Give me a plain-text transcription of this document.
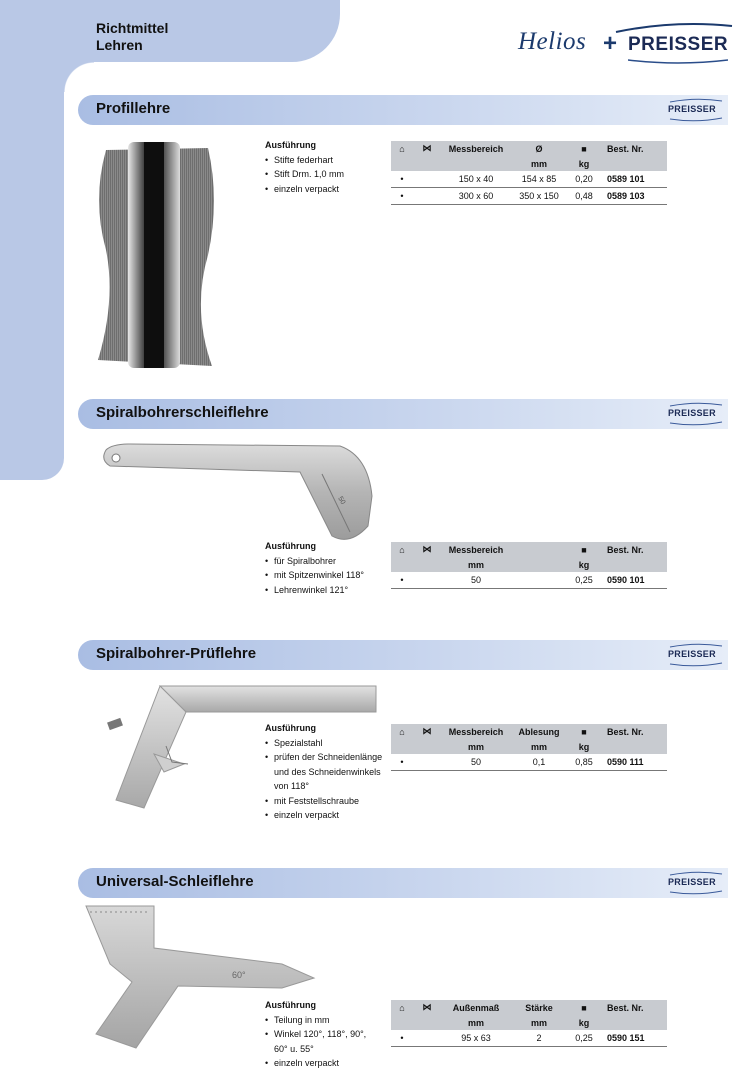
Richtmittel
Lehren	Helios + PREISSER
Profillehre	PREISSER
Ausführung
• Stifte federhart
• Stift Drm. 1,0 mm
• einzeln verpackt
⌂	⋈	Messbereich	Ø	■	Best. Nr.
			mm	kg	
•		150 x 40	154 x 85	0,20	0589 101
•		300 x 60	350 x 150	0,48	0589 103
Spiralbohrerschleiflehre	PREISSER
50
Ausführung
• für Spiralbohrer
• mit Spitzenwinkel 118°
• Lehrenwinkel 121°
⌂	⋈	Messbereich		■	Best. Nr.
		mm		kg	
•		50		0,25	0590 101
Spiralbohrer-Prüflehre	PREISSER
Ausführung
• Spezialstahl
• prüfen der Schneidenlänge
und des Schneidenwinkels
von 118°
• mit Feststellschraube
• einzeln verpackt
⌂	⋈	Messbereich	Ablesung	■	Best. Nr.
		mm	mm	kg	
•		50	0,1	0,85	0590 111
Universal-Schleiflehre	PREISSER
60°
Ausführung
• Teilung in mm
• Winkel 120°, 118°, 90°,
60° u. 55°
• einzeln verpackt
⌂	⋈	Außenmaß	Stärke	■	Best. Nr.
		mm	mm	kg	
•		95 x 63	2	0,25	0590 151
